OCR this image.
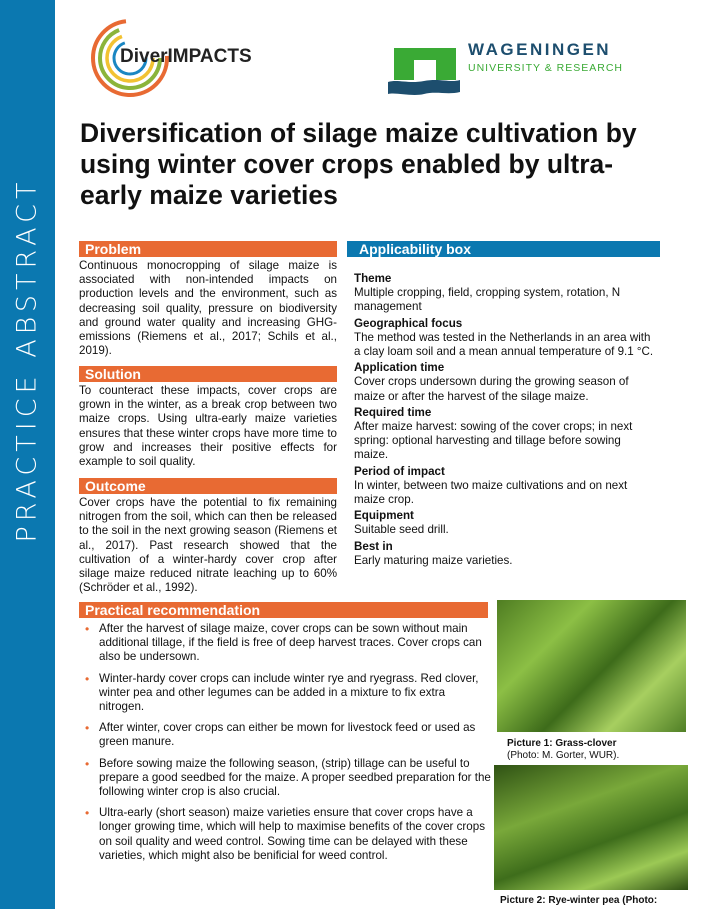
PRACTICE ABSTRACT
DiverIMPACTS	WAGENINGEN
UNIVERSITY & RESEARCH
Diversification of silage maize cultivation by using winter cover crops enabled by ultra-early maize varieties
Problem

Continuous monocropping of silage maize is associated with non-intended impacts on production levels and the environment, such as decreasing soil quality, pressure on biodiversity and ground water quality and increasing GHG-emissions (Riemens et al., 2017; Schils et al., 2019).

Solution

To counteract these impacts, cover crops are grown in the winter, as a break crop between two maize crops. Using ultra-early maize varieties ensures that these winter crops have more time to grow and increases their positive effects for example to soil quality.

Outcome

Cover crops have the potential to fix remaining nitrogen from the soil, which can then be released to the soil in the next growing season (Riemens et al., 2017). Past research showed that the cultivation of a winter-hardy cover crop after silage maize reduced nitrate leaching up to 60% (Schröder et al., 1992).

Applicability box
Theme
Multiple cropping, field, cropping system, rotation, N management
Geographical focus
The method was tested in the Netherlands in an area with a clay loam soil and a mean annual temperature of 9.1 °C.
Application time
Cover crops undersown during the growing season of maize or after the harvest of the silage maize.
Required time
After maize harvest: sowing of the cover crops; in next spring: optional harvesting and tillage before sowing maize.
Period of impact
In winter, between two maize cultivations and on next maize crop.
Equipment
Suitable seed drill.
Best in
Early maturing maize varieties.
Practical recommendation
• After the harvest of silage maize, cover crops can be sown without main additional tillage, if the field is free of deep harvest traces. Cover crops can also be undersown.
• Winter-hardy cover crops can include winter rye and ryegrass. Red clover, winter pea and other legumes can be added in a mixture to fix extra nitrogen.
• After winter, cover crops can either be mown for livestock feed or used as green manure.
• Before sowing maize the following season, (strip) tillage can be useful to prepare a good seedbed for the maize. A proper seedbed preparation for the following winter crop is also crucial.
• Ultra-early (short season) maize varieties ensure that cover crops have a longer growing time, which will help to maximise benefits of the cover crops on soil quality and weed control. Sowing time can be delayed with these varieties, which might also be benificial for weed control.
Picture 1: Grass-clover
(Photo: M. Gorter, WUR).
Picture 2: Rye-winter pea (Photo:
